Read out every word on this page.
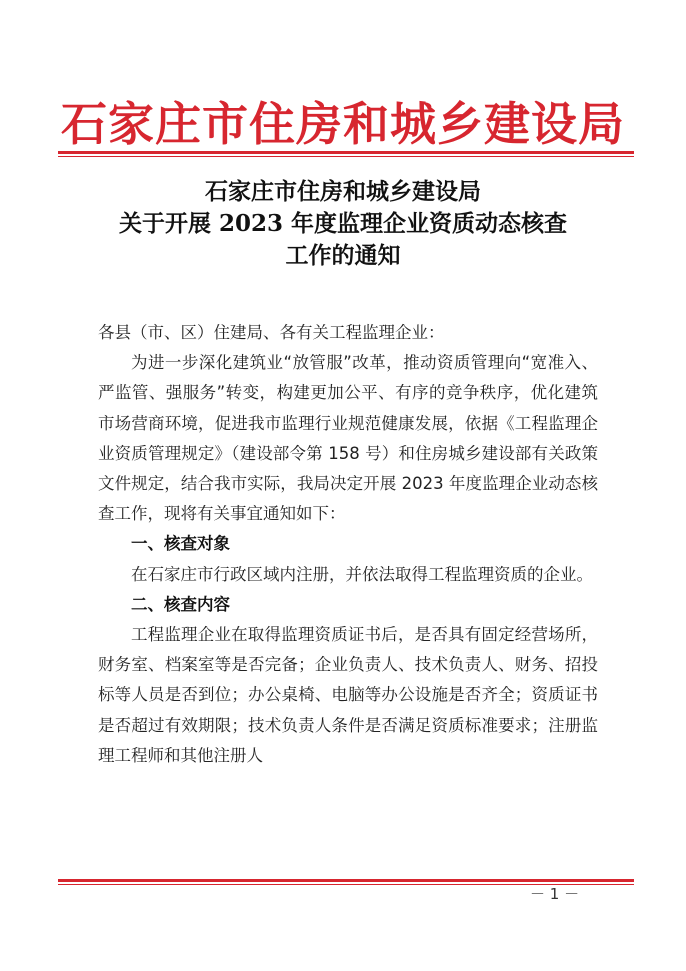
石家庄市住房和城乡建设局
石家庄市住房和城乡建设局
关于开展 2023 年度监理企业资质动态核查
工作的通知

各县（市、区）住建局、各有关工程监理企业：

为进一步深化建筑业“放管服”改革，推动资质管理向“宽准入、严监管、强服务”转变，构建更加公平、有序的竞争秩序，优化建筑市场营商环境，促进我市监理行业规范健康发展，依据《工程监理企业资质管理规定》（建设部令第 158 号）和住房城乡建设部有关政策文件规定，结合我市实际，我局决定开展 2023 年度监理企业动态核查工作，现将有关事宜通知如下：

一、核查对象

在石家庄市行政区域内注册，并依法取得工程监理资质的企业。

二、核查内容

工程监理企业在取得监理资质证书后，是否具有固定经营场所，财务室、档案室等是否完备；企业负责人、技术负责人、财务、招投标等人员是否到位；办公桌椅、电脑等办公设施是否齐全；资质证书是否超过有效期限；技术负责人条件是否满足资质标准要求；注册监理工程师和其他注册人

－ 1 －
